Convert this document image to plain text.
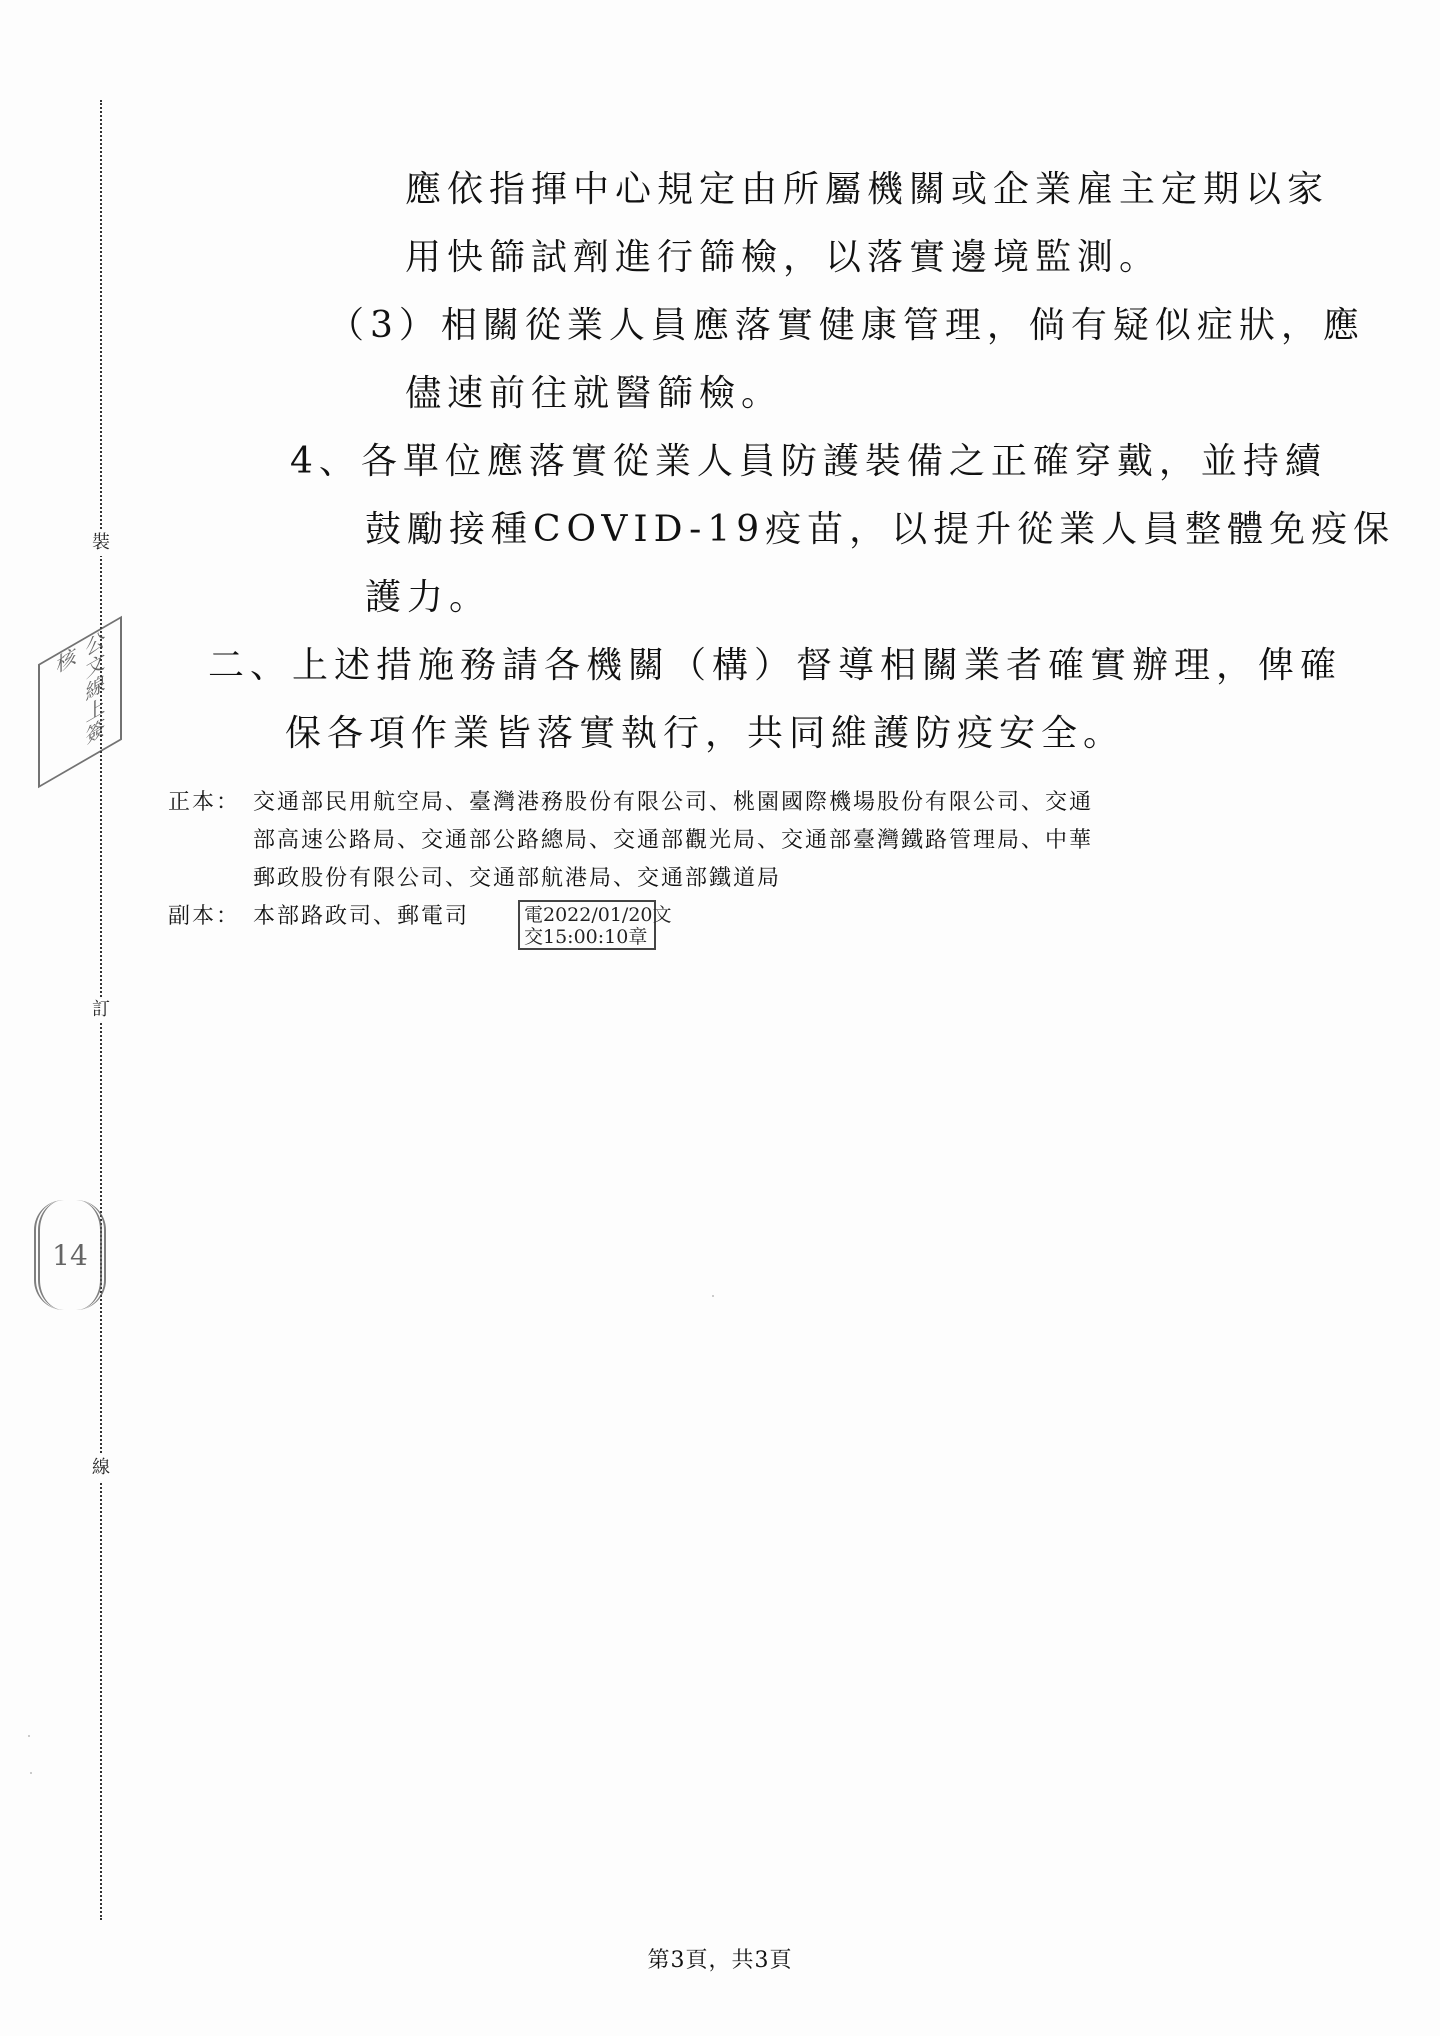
裝
訂
線
公文線上簽核
14
應依指揮中心規定由所屬機關或企業雇主定期以家
用快篩試劑進行篩檢，以落實邊境監測。
（3）相關從業人員應落實健康管理，倘有疑似症狀，應
儘速前往就醫篩檢。
4、各單位應落實從業人員防護裝備之正確穿戴，並持續
鼓勵接種COVID-19疫苗，以提升從業人員整體免疫保
護力。
二、上述措施務請各機關（構）督導相關業者確實辦理，俾確
保各項作業皆落實執行，共同維護防疫安全。
正本： 交通部民用航空局、臺灣港務股份有限公司、桃園國際機場股份有限公司、交通
部高速公路局、交通部公路總局、交通部觀光局、交通部臺灣鐵路管理局、中華
郵政股份有限公司、交通部航港局、交通部鐵道局
副本： 本部路政司、郵電司	電2022/01/20文
交15:00:10章
第3頁，共3頁
